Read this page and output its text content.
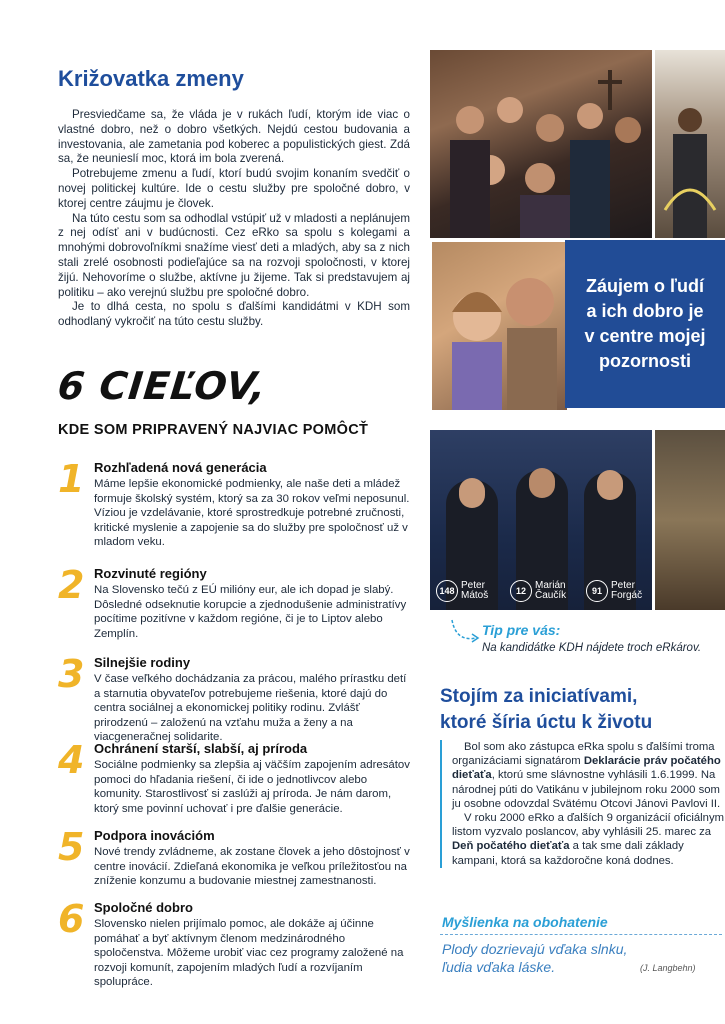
Križovatka zmeny

Presviedčame sa, že vláda je v rukách ľudí, ktorým ide viac o vlastné dobro, než o dobro všetkých. Nejdú cestou budovania a investovania, ale zametania pod koberec a populistických giest. Zdá sa, že neunieslí moc, ktorá im bola zverená.

Potrebujeme zmenu a ľudí, ktorí budú svojim konaním svedčiť o novej politickej kultúre. Ide o cestu služby pre spoločné dobro, v ktorej centre záujmu je človek.

Na túto cestu som sa odhodlal vstúpiť už v mladosti a neplánujem z nej odísť ani v budúcnosti. Cez eRko sa spolu s kolegami a mnohými dobrovoľníkmi snažíme viesť deti a mladých, aby sa z nich stali zrelé osobnosti podieľajúce sa na rozvoji spoločnosti, v ktorej žijú. Nehovoríme o službe, aktívne ju žijeme. Tak si predstavujem aj politiku – ako verejnú službu pre spoločné dobro.

Je to dlhá cesta, no spolu s ďalšími kandidátmi v KDH som odhodlaný vykročiť na túto cestu služby.

6 CIEĽOV,
KDE SOM PRIPRAVENÝ NAJVIAC POMÔCŤ
1 Rozhľadená nová generácia

Máme lepšie ekonomické podmienky, ale naše deti a mládež formuje školský systém, ktorý sa za 30 rokov veľmi neposunul. Víziou je vzdelávanie, ktoré sprostredkuje potrebné zručnosti, kritické myslenie a zapojenie sa do služby pre spoločnosť už v mladom veku.

2 Rozvinuté regióny

Na Slovensko tečú z EÚ milióny eur, ale ich dopad je slabý. Dôsledné odseknutie korupcie a zjednodušenie administratívy pocítime pozitívne v každom regióne, či je to Liptov alebo Zemplín.

3 Silnejšie rodiny

V čase veľkého dochádzania za prácou, malého prírastku detí a starnutia obyvateľov potrebujeme riešenia, ktoré dajú do centra sociálnej a ekonomickej politiky rodinu. Zvlášť prirodzenú – založenú na vzťahu muža a ženy a na viacgeneračnej solidarite.

4 Ochránení starší, slabší, aj príroda

Sociálne podmienky sa zlepšia aj väčším zapojením adresátov pomoci do hľadania riešení, či ide o jednotlivcov alebo komunity. Starostlivosť si zaslúži aj príroda. Je nám darom, ktorý sme povinní uchovať i pre ďalšie generácie.

5 Podpora inovációm

Nové trendy zvládneme, ak zostane človek a jeho dôstojnosť v centre inovácií. Zdieľaná ekonomika je veľkou príležitosťou na zníženie konzumu a budovanie miestnej zamestnanosti.

6 Spoločné dobro

Slovensko nielen prijímalo pomoc, ale dokáže aj účinne pomáhať a byť aktívnym členom medzinárodného spoločenstva. Môžeme urobiť viac cez programy založené na rozvoji komunít, zapojením mladých ľudí a rozvíjaním spolupráce.

Záujem o ľudí
a ich dobro je
v centre mojej
pozornosti
148 Peter
Mátoš	12 Marián
Čaučík	91 Peter
Forgáč
Tip pre vás:
Na kandidátke KDH nájdete troch eRkárov.
Stojím za iniciatívami,
ktoré šíria úctu k životu

Bol som ako zástupca eRka spolu s ďalšími troma organizáciami signatárom Deklarácie práv počatého dieťaťa, ktorú sme slávnostne vyhlásili 1.6.1999. Na národnej púti do Vatikánu v jubilejnom roku 2000 som ju osobne odovzdal Svätému Otcovi Jánovi Pavlovi II.

V roku 2000 eRko a ďalších 9 organizácií oficiálnym listom vyzvalo poslancov, aby vyhlásili 25. marec za Deň počatého dieťaťa a tak sme dali základy kampani, ktorá sa každoročne koná dodnes.

Myšlienka na obohatenie
Plody dozrievajú vďaka slnku,
ľudia vďaka láske.	(J. Langbehn)
